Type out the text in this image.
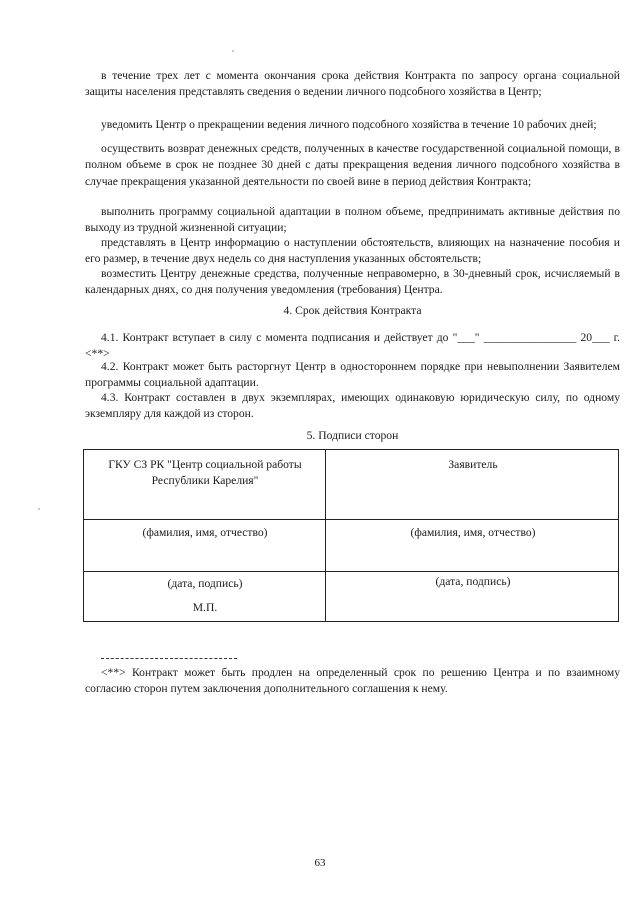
в течение трех лет с момента окончания срока действия Контракта по запросу органа социальной защиты населения представлять сведения о ведении личного подсобного хозяйства в Центр;
уведомить Центр о прекращении ведения личного подсобного хозяйства в течение 10 рабочих дней;
осуществить возврат денежных средств, полученных в качестве государственной социальной помощи, в полном объеме в срок не позднее 30 дней с даты прекращения ведения личного подсобного хозяйства в случае прекращения указанной деятельности по своей вине в период действия Контракта;
выполнить программу социальной адаптации в полном объеме, предпринимать активные действия по выходу из трудной жизненной ситуации;
представлять в Центр информацию о наступлении обстоятельств, влияющих на назначение пособия и его размер, в течение двух недель со дня наступления указанных обстоятельств;
возместить Центру денежные средства, полученные неправомерно, в 30-дневный срок, исчисляемый в календарных днях, со дня получения уведомления (требования) Центра.
4. Срок действия Контракта
4.1. Контракт вступает в силу с момента подписания и действует до "___" ________________ 20___ г. <**>
4.2. Контракт может быть расторгнут Центр в одностороннем порядке при невыполнении Заявителем программы социальной адаптации.
4.3. Контракт составлен в двух экземплярах, имеющих одинаковую юридическую силу, по одному экземпляру для каждой из сторон.
5. Подписи сторон
ГКУ СЗ РК "Центр социальной работы Республики Карелия"
Заявитель
(фамилия, имя, отчество)	(фамилия, имя, отчество)
(дата, подпись)	(дата, подпись)
М.П.
<**> Контракт может быть продлен на определенный срок по решению Центра и по взаимному согласию сторон путем заключения дополнительного соглашения к нему.
63
